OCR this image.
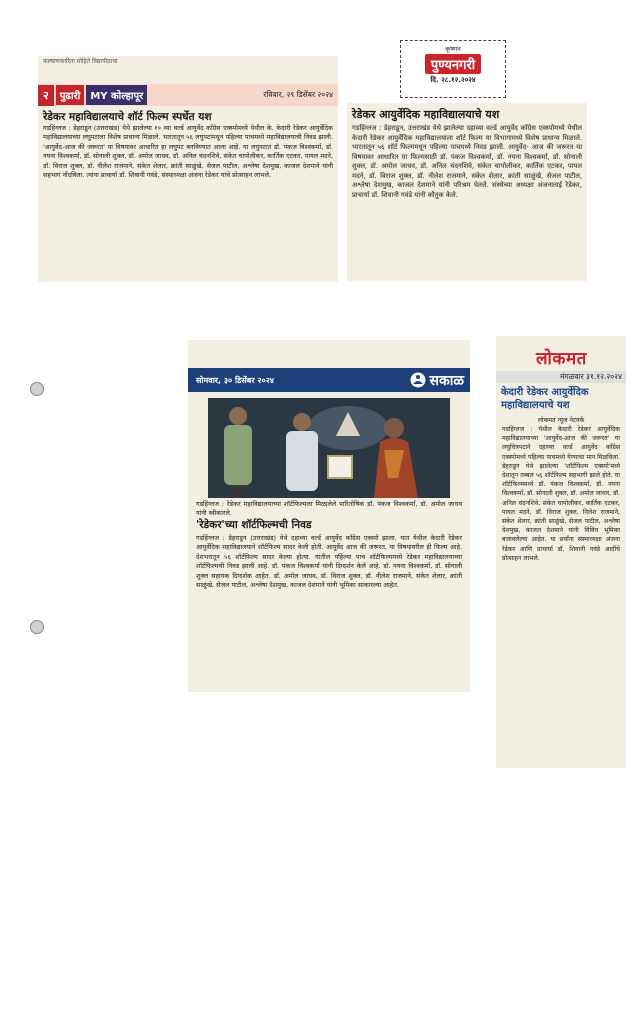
कल्याणकारिता मोहिते विद्यापीठाचा
२	पुढारी	MY कोल्हापूर	रविवार, २९ डिसेंबर २०२४

रेडेकर महाविद्यालयाचे शॉर्ट फिल्म स्पर्धेत यश

गडहिंग्लज : डेहराडून (उत्तराखंड) येथे झालेल्या १० व्या वर्ल्ड आयुर्वेद काँग्रेस एक्स्पोमध्ये येथील के. केदारी रेडेकर आयुर्वेदिक महाविद्यालयाच्या लघुपटाला विशेष प्राधान्य मिळाले. भारतातून ५६ लघुपटांमधून पहिल्या पाचमध्ये महाविद्यालयाची निवड झाली. 'आयुर्वेद-आज की जरूरत' या विषयावर आधारित हा लघुपट बनविण्यात आला आहे. या लघुपटात डॉ. पंकज विश्वकर्मा, डॉ. नयना विश्वकर्मा, डॉ. सोनाली शुक्ल, डॉ. अमोल जाधव, डॉ. अनिल चंदनशिवे, संकेत चापोलीकर, कार्तिक एटकर, पायल मदने, डॉ. विराज शुक्ल, डॉ. नीलेश राजमाने, संकेत शेलार, क्रांती साळुंखे, सेजल पाटील, अश्लेषा देशमुख, काजल देशमाने यांनी सहभाग नोंदविला. त्यांना प्राचार्या डॉ. शिवानी गवंडे, संस्थाध्यक्षा अंजना रेडेकर यांचे प्रोत्साहन लाभले.

कृष्णन
पुण्यनगरी
दि. २८.१२.२०२४

रेडेकर आयुर्वेदिक महाविद्यालयाचे यश

गडहिंग्लज : डेहराडून, उत्तराखंड येथे झालेल्या दहाव्या वर्ल्ड आयुर्वेद काँग्रेस एक्स्पोमध्ये येथील केदारी रेडेकर आयुर्वेदिक महाविद्यालयाला शॉर्ट फिल्म या विभागामध्ये विशेष प्राधान्य मिळाले. भारतातून ५६ शॉर्ट फिल्ममधून पहिल्या पाचमध्ये निवड झाली. आयुर्वेद- आज की जरूरत या विषयावर आधारित या फिल्मसाठी डॉ. पंकज विश्वकर्मा, डॉ. नयना विश्वकर्मा, डॉ. सोनाली शुक्ल, डॉ. अमोल जाधव, डॉ. अनिल चंदनशिवे, संकेत चापोलीकर, कार्तिक एटकर, पायल मदने, डॉ. विराज शुक्ल, डॉ. नीलेश राजमाने, संकेत शेलार, क्रांती साळुंखे, सेजल पाटील, अश्लेषा देशमुख, काजल देशमाने यांनी परिश्रम घेतले. संस्थेच्या अध्यक्षा अंजनाताई रेडेकर, प्राचार्या डॉ. शिवानी गवंडे यांनी कौतुक केले.

सोमवार, ३० डिसेंबर २०२४	सकाळ
गडहिंग्लज : रेडेकर महाविद्यालयाच्या शॉर्टफिल्मला मिळालेले पारितोषिक डॉ. पंकज विश्वकर्मा, डॉ. अमोल जाधव यांनी स्वीकारले.

'रेडेकर'च्या शॉर्टफिल्मची निवड

गडहिंग्लज : डेहराडून (उत्तराखंड) येथे दहाव्या वर्ल्ड आयुर्वेद काँग्रेस एक्स्पो झाला. यात येथील केदारी रेडेकर आयुर्वेदिक महाविद्यालयाने शॉर्टफिल्म सादर केली होती. आयुर्वेद आज की जरूरत, या विषयावरील ही फिल्म आहे. देशभरातून ५६ शॉर्टफिल्म सादर केल्या होत्या. यातील पहिल्या पाच शॉर्टफिल्ममध्ये रेडेकर महाविद्यालयाच्या शॉर्टफिल्मची निवड झाली आहे. डॉ. पंकज विश्वकर्मा यांनी दिग्दर्शन केले आहे. डॉ. नयना विश्वकर्मा, डॉ. सोनाली शुक्ल सहायक दिग्दर्शक आहेत. डॉ. अमोल जाधव, डॉ. विराज शुक्ल, डॉ. नीलेश राजमाने, संकेत शेलार, क्रांती साळुंखे, सेजल पाटील, अश्लेषा देशमुख, काजल देशमाने यांनी भूमिका साकारल्या आहेत.

लोकमत
मंगळवार ३१.१२.२०२४

केदारी रेडेकर आयुर्वेदिक महाविद्यालयाचे यश

लोकमत न्यूज नेटवर्क

गडहिंग्लज : येथील केदारी रेडेकर आयुर्वेदिक महाविद्यालयाच्या 'आयुर्वेद-आज की जरूरत' या लघुचित्रपटाने दहाव्या वर्ल्ड आयुर्वेद काँग्रेस एक्स्पोमध्ये पहिल्या पाचमध्ये येण्याचा मान मिळविला. डेहराडून येथे झालेल्या 'शॉर्टफिल्म एक्स्पो'मध्ये देशातून तब्बल ५६ शॉर्टफिल्म सहभागी झाले होते. या शॉर्टफिल्ममध्ये डॉ. पंकज विश्वकर्मा, डॉ. नयना विश्वकर्मा, डॉ. सोनाली शुक्ल, डॉ. अमोल जाधव, डॉ. अनिल चंदनशिवे, संकेत चापोलीकर, कार्तिक एटकर, पायल मदने, डॉ. विराज शुक्ल, निलेश राजमाने, संकेत शेलार, क्रांती साळुंखे, सेजल पाटील, अश्लेषा देशमुख, काजल देशमाने यांनी विविध भूमिका बजावलेल्या आहेत. या सर्वांना संस्थाध्यक्षा अंजना रेडेकर आणि प्राचार्या डॉ. शिवानी गवंडे आदींचे प्रोत्साहन लाभले.
